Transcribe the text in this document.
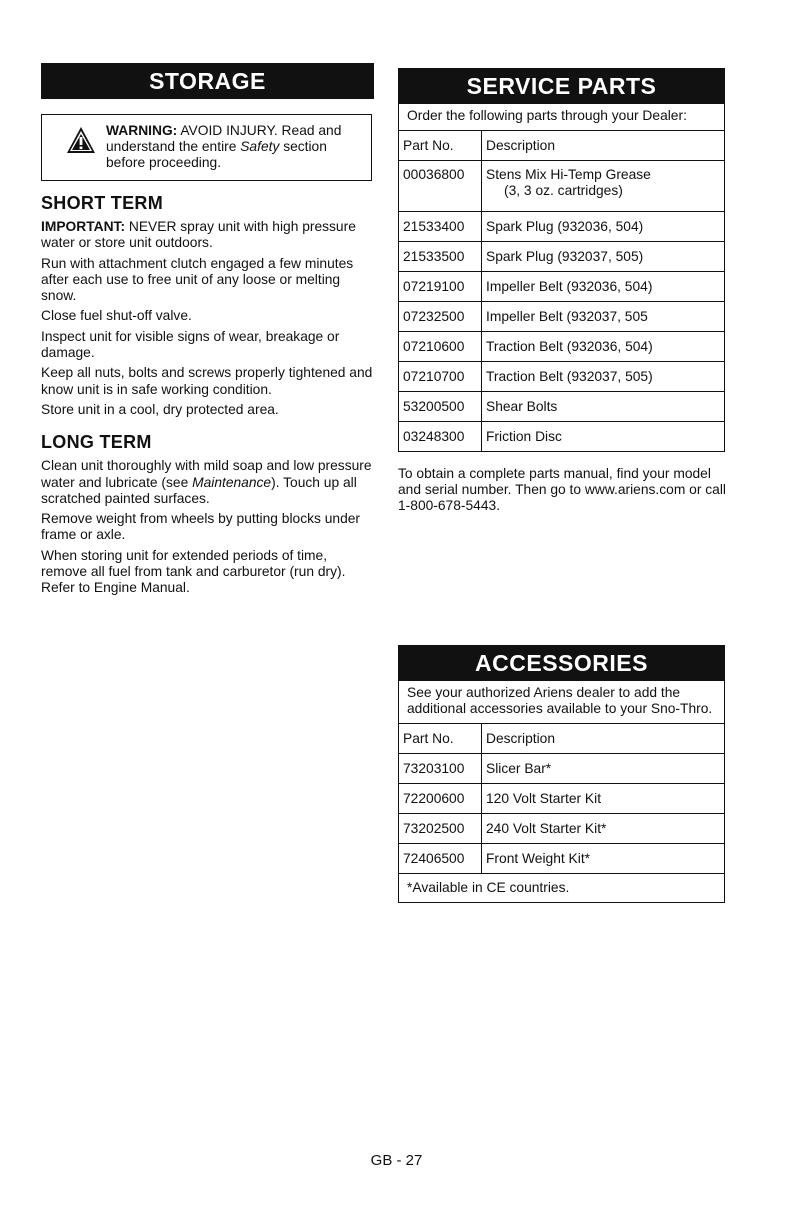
STORAGE
WARNING: AVOID INJURY. Read and understand the entire Safety section before proceeding.
SHORT TERM

IMPORTANT: NEVER spray unit with high pressure water or store unit outdoors.

Run with attachment clutch engaged a few minutes after each use to free unit of any loose or melting snow.

Close fuel shut-off valve.

Inspect unit for visible signs of wear, breakage or damage.

Keep all nuts, bolts and screws properly tightened and know unit is in safe working condition.

Store unit in a cool, dry protected area.

LONG TERM

Clean unit thoroughly with mild soap and low pressure water and lubricate (see Maintenance). Touch up all scratched painted surfaces.

Remove weight from wheels by putting blocks under frame or axle.

When storing unit for extended periods of time, remove all fuel from tank and carburetor (run dry). Refer to Engine Manual.

SERVICE PARTS
Order the following parts through your Dealer:
Part No.	Description
00036800	Stens Mix Hi-Temp Grease
(3, 3 oz. cartridges)

21533400	Spark Plug (932036, 504)
21533500	Spark Plug (932037, 505)
07219100	Impeller Belt (932036, 504)
07232500	Impeller Belt (932037, 505
07210600	Traction Belt (932036, 504)
07210700	Traction Belt (932037, 505)
53200500	Shear Bolts
03248300	Friction Disc
To obtain a complete parts manual, find your model and serial number. Then go to www.ariens.com or call 1-800-678-5443.
ACCESSORIES
See your authorized Ariens dealer to add the additional accessories available to your Sno-Thro.
Part No.	Description
73203100	Slicer Bar*
72200600	120 Volt Starter Kit
73202500	240 Volt Starter Kit*
72406500	Front Weight Kit*
*Available in CE countries.
GB - 27
